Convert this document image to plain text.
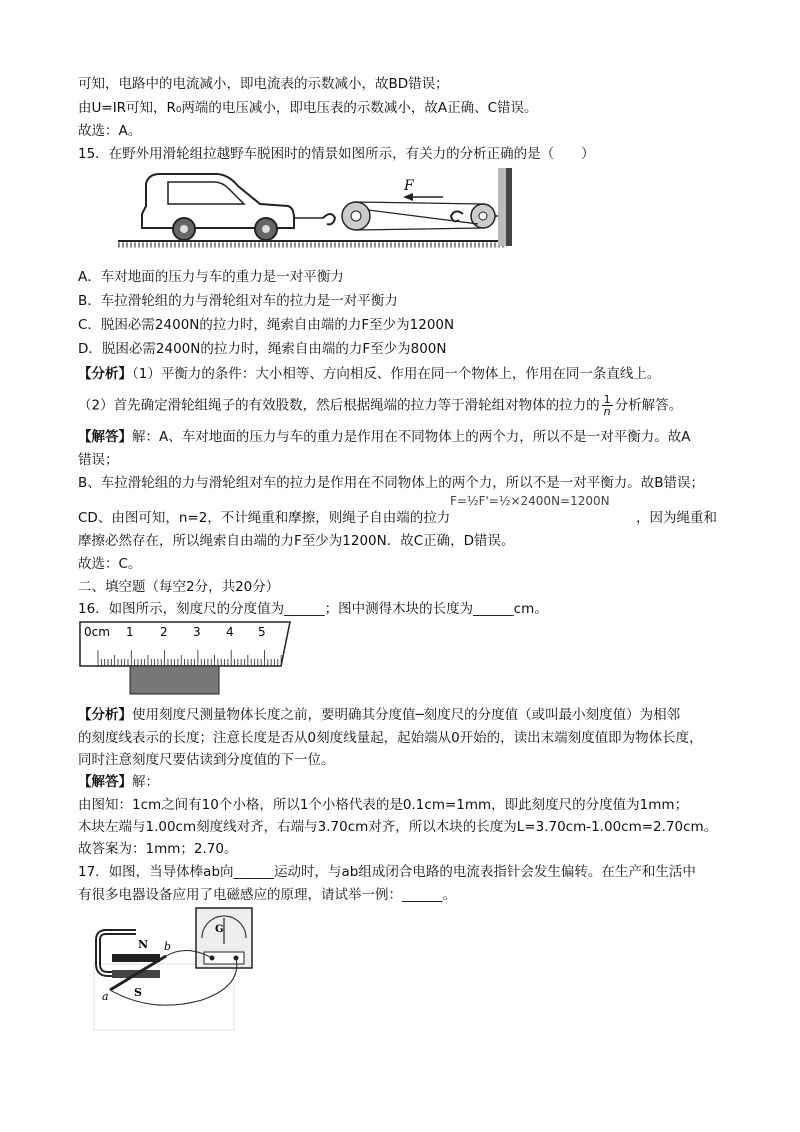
可知，电路中的电流减小，即电流表的示数减小，故BD错误；
由U=IR可知，R₀两端的电压减小，即电压表的示数减小，故A正确、C错误。
故选：A。
15．在野外用滑轮组拉越野车脱困时的情景如图所示，有关力的分析正确的是（　　）
F
A．车对地面的压力与车的重力是一对平衡力
B．车拉滑轮组的力与滑轮组对车的拉力是一对平衡力
C．脱困必需2400N的拉力时，绳索自由端的力F至少为1200N
D．脱困必需2400N的拉力时，绳索自由端的力F至少为800N
【分析】（1）平衡力的条件：大小相等、方向相反、作用在同一个物体上，作用在同一条直线上。
（2）首先确定滑轮组绳子的有效股数，然后根据绳端的拉力等于滑轮组对物体的拉力的 $\frac{1}{n}$ 分析解答。
【解答】解：A、车对地面的压力与车的重力是作用在不同物体上的两个力，所以不是一对平衡力。故A
错误；
B、车拉滑轮组的力与滑轮组对车的拉力是作用在不同物体上的两个力，所以不是一对平衡力。故B错误；
CD、由图可知，n=2，不计绳重和摩擦，则绳子自由端的拉力
F=½F'=½×2400N=1200N
，因为绳重和
摩擦必然存在，所以绳索自由端的力F至少为1200N．故C正确，D错误。
故选：C。
二、填空题（每空2分，共20分）
16．如图所示，刻度尺的分度值为______；图中测得木块的长度为______cm。
0cm 1 2 3 4 5
【分析】使用刻度尺测量物体长度之前，要明确其分度值─刻度尺的分度值（或叫最小刻度值）为相邻
的刻度线表示的长度；注意长度是否从0刻度线量起，起始端从0开始的，读出末端刻度值即为物体长度，
同时注意刻度尺要估读到分度值的下一位。
【解答】解：
由图知：1cm之间有10个小格，所以1个小格代表的是0.1cm=1mm，即此刻度尺的分度值为1mm；
木块左端与1.00cm刻度线对齐，右端与3.70cm对齐，所以木块的长度为L=3.70cm-1.00cm=2.70cm。
故答案为：1mm；2.70。
17．如图，当导体棒ab向______运动时，与ab组成闭合电路的电流表指针会发生偏转。在生产和生活中
有很多电器设备应用了电磁感应的原理，请试举一例：______。
N
S
a
b
G
